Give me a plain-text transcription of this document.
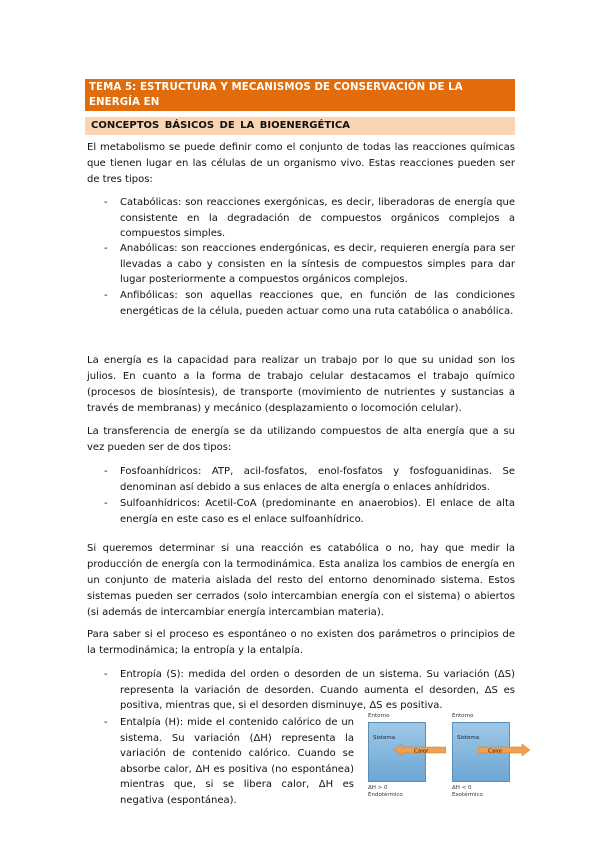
TEMA 5: ESTRUCTURA Y MECANISMOS DE CONSERVACIÓN DE LA ENERGÍA EN
CONCEPTOS BÁSICOS DE LA BIOENERGÉTICA

El metabolismo se puede definir como el conjunto de todas las reacciones químicas que tienen lugar en las células de un organismo vivo. Estas reacciones pueden ser de tres tipos:

- Catabólicas: son reacciones exergónicas, es decir, liberadoras de energía que consistente en la degradación de compuestos orgánicos complejos a compuestos simples.

- Anabólicas: son reacciones endergónicas, es decir, requieren energía para ser llevadas a cabo y consisten en la síntesis de compuestos simples para dar lugar posteriormente a compuestos orgánicos complejos.

- Anfibólicas: son aquellas reacciones que, en función de las condiciones energéticas de la célula, pueden actuar como una ruta catabólica o anabólica.

La energía es la capacidad para realizar un trabajo por lo que su unidad son los julios. En cuanto a la forma de trabajo celular destacamos el trabajo químico (procesos de biosíntesis), de transporte (movimiento de nutrientes y sustancias a través de membranas) y mecánico (desplazamiento o locomoción celular).

La transferencia de energía se da utilizando compuestos de alta energía que a su vez pueden ser de dos tipos:

- Fosfoanhídricos: ATP, acil-fosfatos, enol-fosfatos y fosfoguanidinas. Se denominan así debido a sus enlaces de alta energía o enlaces anhídridos.

- Sulfoanhídricos: Acetil-CoA (predominante en anaerobios). El enlace de alta energía en este caso es el enlace sulfoanhídrico.

Si queremos determinar si una reacción es catabólica o no, hay que medir la producción de energía con la termodinámica. Esta analiza los cambios de energía en un conjunto de materia aislada del resto del entorno denominado sistema. Estos sistemas pueden ser cerrados (solo intercambian energía con el sistema) o abiertos (si además de intercambiar energía intercambian materia).

Para saber si el proceso es espontáneo o no existen dos parámetros o principios de la termodinámica; la entropía y la entalpía.

- Entropía (S): medida del orden o desorden de un sistema. Su variación (ΔS) representa la variación de desorden. Cuando aumenta el desorden, ΔS es positiva, mientras que, si el desorden disminuye, ΔS es positiva.

- Entalpía (H): mide el contenido calórico de un sistema. Su variación (ΔH) representa la variación de contenido calórico. Cuando se absorbe calor, ΔH es positiva (no espontánea) mientras que, si se libera calor, ΔH es negativa (espontánea).

Entorno
Sistema
Calor
ΔH > 0
Endotérmico
Entorno
Sistema
Calor
ΔH < 0
Exotérmico
